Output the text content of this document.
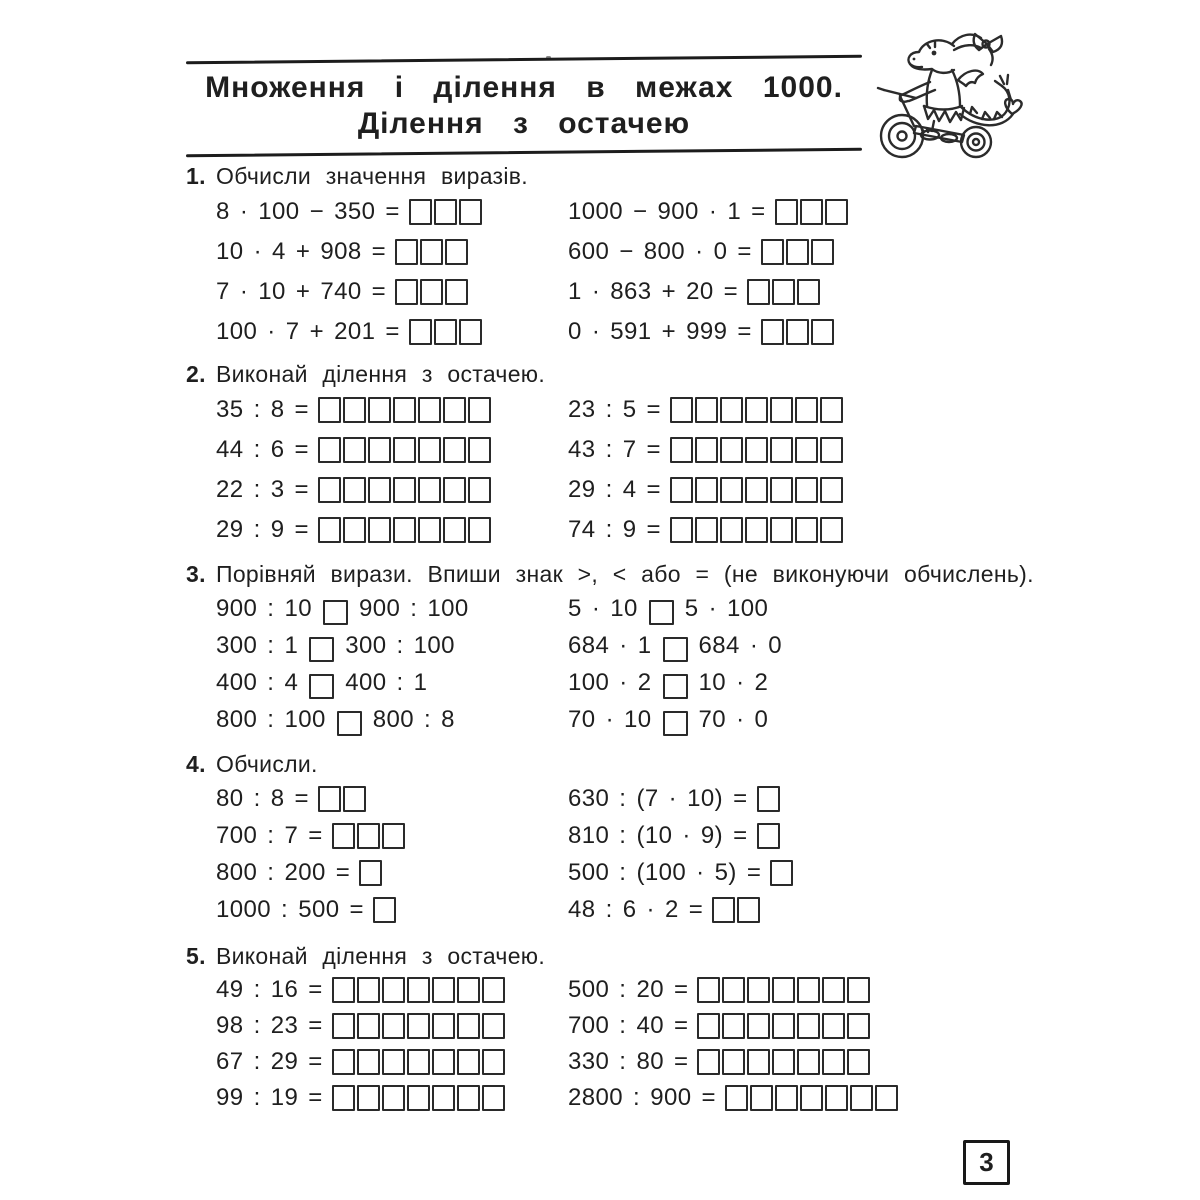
Множення і ділення в межах 1000.
Ділення з остачею
1. Обчисли значення виразів.
8 · 100 − 350 =	1000 − 900 · 1 =
10 · 4 + 908 =	600 − 800 · 0 =
7 · 10 + 740 =	1 · 863 + 20 =
100 · 7 + 201 =	0 · 591 + 999 =
2. Виконай ділення з остачею.
35 : 8 =	23 : 5 =
44 : 6 =	43 : 7 =
22 : 3 =	29 : 4 =
29 : 9 =	74 : 9 =
3. Порівняй вирази. Впиши знак >, < або = (не виконуючи обчислень).
900 : 10 900 : 100	5 · 10 5 · 100
300 : 1 300 : 100	684 · 1 684 · 0
400 : 4 400 : 1	100 · 2 10 · 2
800 : 100 800 : 8	70 · 10 70 · 0
4. Обчисли.
80 : 8 =	630 : (7 · 10) =
700 : 7 =	810 : (10 · 9) =
800 : 200 =	500 : (100 · 5) =
1000 : 500 =	48 : 6 · 2 =
5. Виконай ділення з остачею.
49 : 16 =	500 : 20 =
98 : 23 =	700 : 40 =
67 : 29 =	330 : 80 =
99 : 19 =	2800 : 900 =
3
